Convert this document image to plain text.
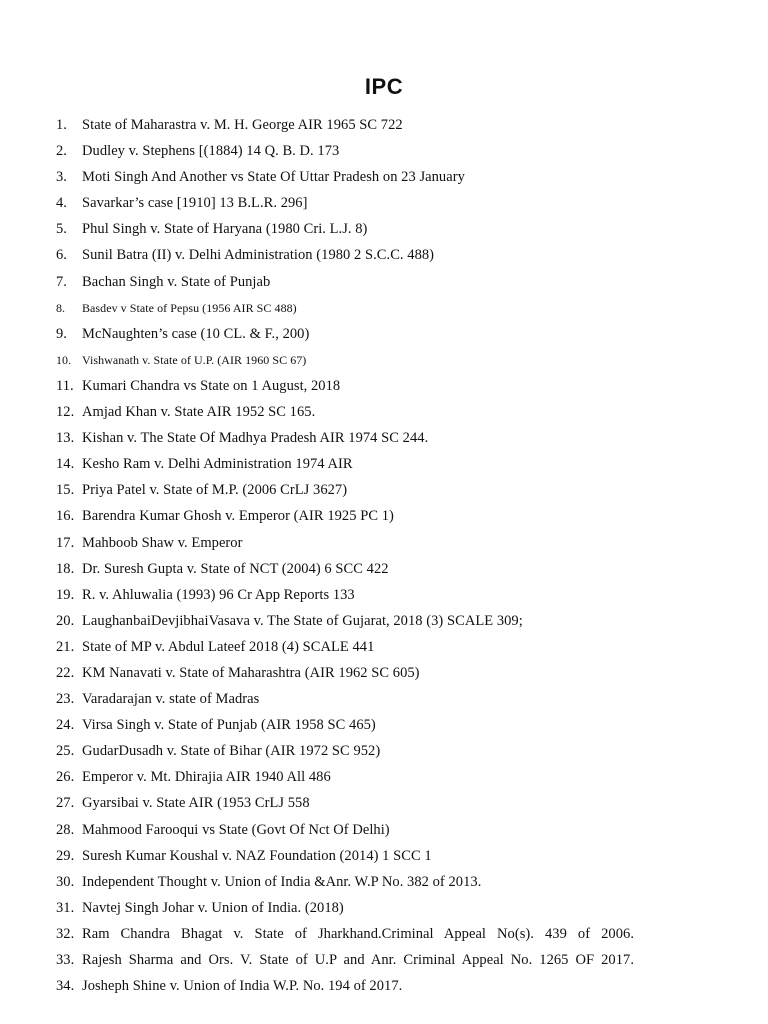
IPC
1. State of Maharastra v. M. H. George AIR 1965 SC 722
2. Dudley v. Stephens [(1884) 14 Q. B. D. 173
3. Moti Singh And Another vs State Of Uttar Pradesh on 23 January
4. Savarkar’s case [1910] 13 B.L.R. 296]
5. Phul Singh v. State of Haryana (1980 Cri. L.J. 8)
6. Sunil Batra (II) v. Delhi Administration (1980 2 S.C.C. 488)
7. Bachan Singh v. State of Punjab
8. Basdev v State of Pepsu (1956 AIR SC 488)
9. McNaughten’s case (10 CL. & F., 200)
10. Vishwanath v. State of U.P. (AIR 1960 SC 67)
11. Kumari Chandra vs State on 1 August, 2018
12. Amjad Khan v. State AIR 1952 SC 165.
13. Kishan v. The State Of Madhya Pradesh AIR 1974 SC 244.
14. Kesho Ram v. Delhi Administration 1974 AIR
15. Priya Patel v. State of M.P. (2006 CrLJ 3627)
16. Barendra Kumar Ghosh v. Emperor (AIR 1925 PC 1)
17. Mahboob Shaw v. Emperor
18. Dr. Suresh Gupta v. State of NCT (2004) 6 SCC 422
19. R. v. Ahluwalia (1993) 96 Cr App Reports 133
20. LaughanbaiDevjibhaiVasava v. The State of Gujarat, 2018 (3) SCALE 309;
21. State of MP v. Abdul Lateef 2018 (4) SCALE 441
22. KM Nanavati v. State of Maharashtra (AIR 1962 SC 605)
23. Varadarajan v. state of Madras
24. Virsa Singh v. State of Punjab (AIR 1958 SC 465)
25. GudarDusadh v. State of Bihar (AIR 1972 SC 952)
26. Emperor v. Mt. Dhirajia AIR 1940 All 486
27. Gyarsibai v. State AIR (1953 CrLJ 558
28. Mahmood Farooqui vs State (Govt Of Nct Of Delhi)
29. Suresh Kumar Koushal v. NAZ Foundation (2014) 1 SCC 1
30. Independent Thought v. Union of India &Anr. W.P No. 382 of 2013.
31. Navtej Singh Johar v. Union of India. (2018)
32. Ram Chandra Bhagat v. State of Jharkhand.Criminal Appeal No(s). 439 of 2006.
33. Rajesh Sharma and Ors. V. State of U.P and Anr. Criminal Appeal No. 1265 OF 2017.
34. Josheph Shine v. Union of India W.P. No. 194 of 2017.
